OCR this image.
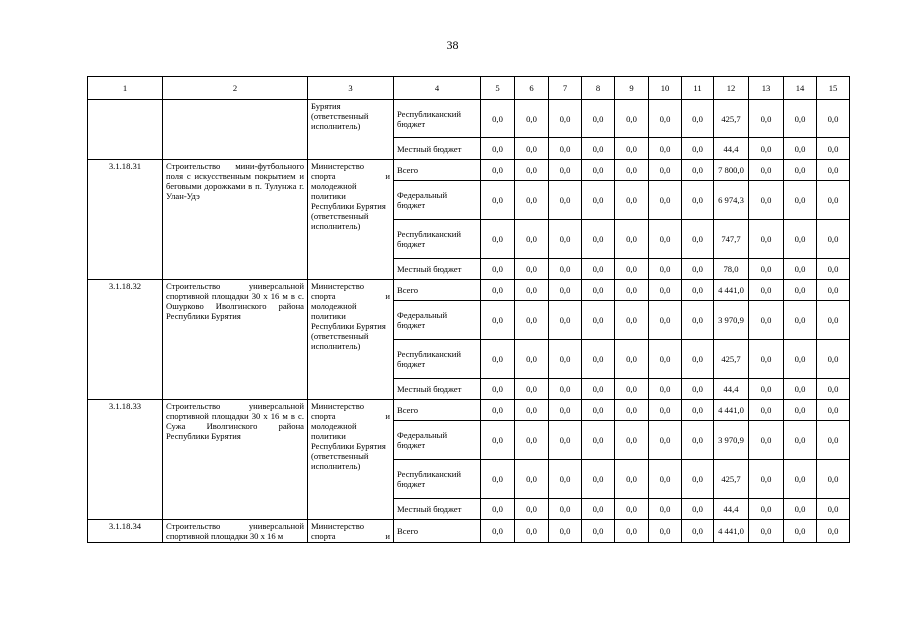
38
1	2	3	4	5	6	7	8	9	10	11	12	13	14	15
		Бурятия (ответственный исполнитель)	Республиканский бюджет	0,0	0,0	0,0	0,0	0,0	0,0	0,0	425,7	0,0	0,0	0,0
			Местный бюджет	0,0	0,0	0,0	0,0	0,0	0,0	0,0	44,4	0,0	0,0	0,0
3.1.18.31	Строительство мини-футбольного поля с искусственным покрытием и беговыми дорожками в п. Тулунжа г. Улан-Удэ	Министерство
спорта и
молодежной политики Республики Бурятия (ответственный исполнитель)	Всего	0,0	0,0	0,0	0,0	0,0	0,0	0,0	7 800,0	0,0	0,0	0,0
			Федеральный бюджет	0,0	0,0	0,0	0,0	0,0	0,0	0,0	6 974,3	0,0	0,0	0,0
			Республиканский бюджет	0,0	0,0	0,0	0,0	0,0	0,0	0,0	747,7	0,0	0,0	0,0
			Местный бюджет	0,0	0,0	0,0	0,0	0,0	0,0	0,0	78,0	0,0	0,0	0,0
3.1.18.32	Строительство универсальной спортивной площадки 30 х 16 м в с. Ошурково Иволгинского района Республики Бурятия	Министерство
спорта и
молодежной политики Республики Бурятия (ответственный исполнитель)	Всего	0,0	0,0	0,0	0,0	0,0	0,0	0,0	4 441,0	0,0	0,0	0,0
			Федеральный бюджет	0,0	0,0	0,0	0,0	0,0	0,0	0,0	3 970,9	0,0	0,0	0,0
			Республиканский бюджет	0,0	0,0	0,0	0,0	0,0	0,0	0,0	425,7	0,0	0,0	0,0
			Местный бюджет	0,0	0,0	0,0	0,0	0,0	0,0	0,0	44,4	0,0	0,0	0,0
3.1.18.33	Строительство универсальной спортивной площадки 30 х 16 м в с. Сужа Иволгинского района Республики Бурятия	Министерство
спорта и
молодежной политики Республики Бурятия (ответственный исполнитель)	Всего	0,0	0,0	0,0	0,0	0,0	0,0	0,0	4 441,0	0,0	0,0	0,0
			Федеральный бюджет	0,0	0,0	0,0	0,0	0,0	0,0	0,0	3 970,9	0,0	0,0	0,0
			Республиканский бюджет	0,0	0,0	0,0	0,0	0,0	0,0	0,0	425,7	0,0	0,0	0,0
			Местный бюджет	0,0	0,0	0,0	0,0	0,0	0,0	0,0	44,4	0,0	0,0	0,0
3.1.18.34	Строительство универсальной спортивной площадки 30 х 16 м	Министерство
спорта и	Всего	0,0	0,0	0,0	0,0	0,0	0,0	0,0	4 441,0	0,0	0,0	0,0
